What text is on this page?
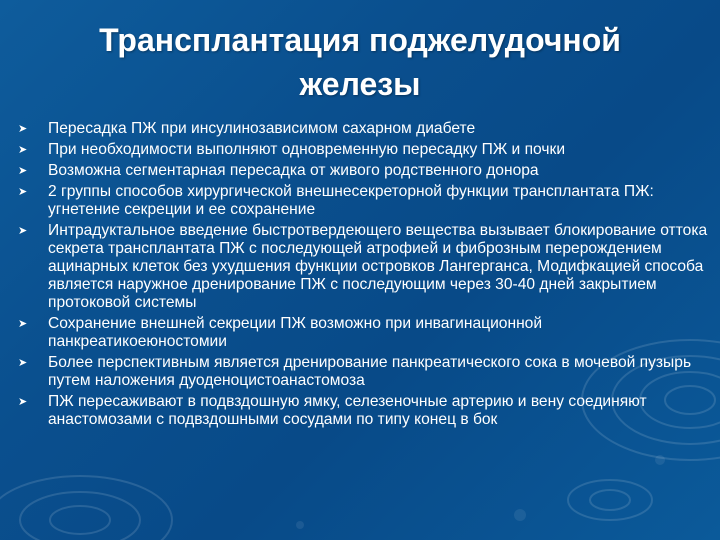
Трансплантация поджелудочной
железы
➤	Пересадка ПЖ при инсулинозависимом сахарном диабете
➤	При необходимости выполняют одновременную пересадку ПЖ и почки
➤	Возможна сегментарная пересадка от живого родственного донора
➤	2 группы способов хирургической внешнесекреторной функции трансплантата ПЖ: угнетение секреции и ее сохранение
➤	Интрадуктальное введение быстротвердеющего вещества вызывает блокирование оттока секрета трансплантата ПЖ с последующей атрофией и фиброзным перерождением ацинарных клеток без ухудшения функции островков Лангерганса, Модифкацией способа является наружное дренирование ПЖ с последующим через 30-40 дней закрытием протоковой системы
➤	Сохранение внешней секреции ПЖ возможно при инвагинационной панкреатикоеюностомии
➤	Более перспективным является дренирование панкреатического сока в мочевой пузырь путем наложения дуоденоцистоанастомоза
➤	ПЖ пересаживают в подвздошную ямку, селезеночные артерию и вену соединяют анастомозами с подвздошными сосудами по типу конец в бок
